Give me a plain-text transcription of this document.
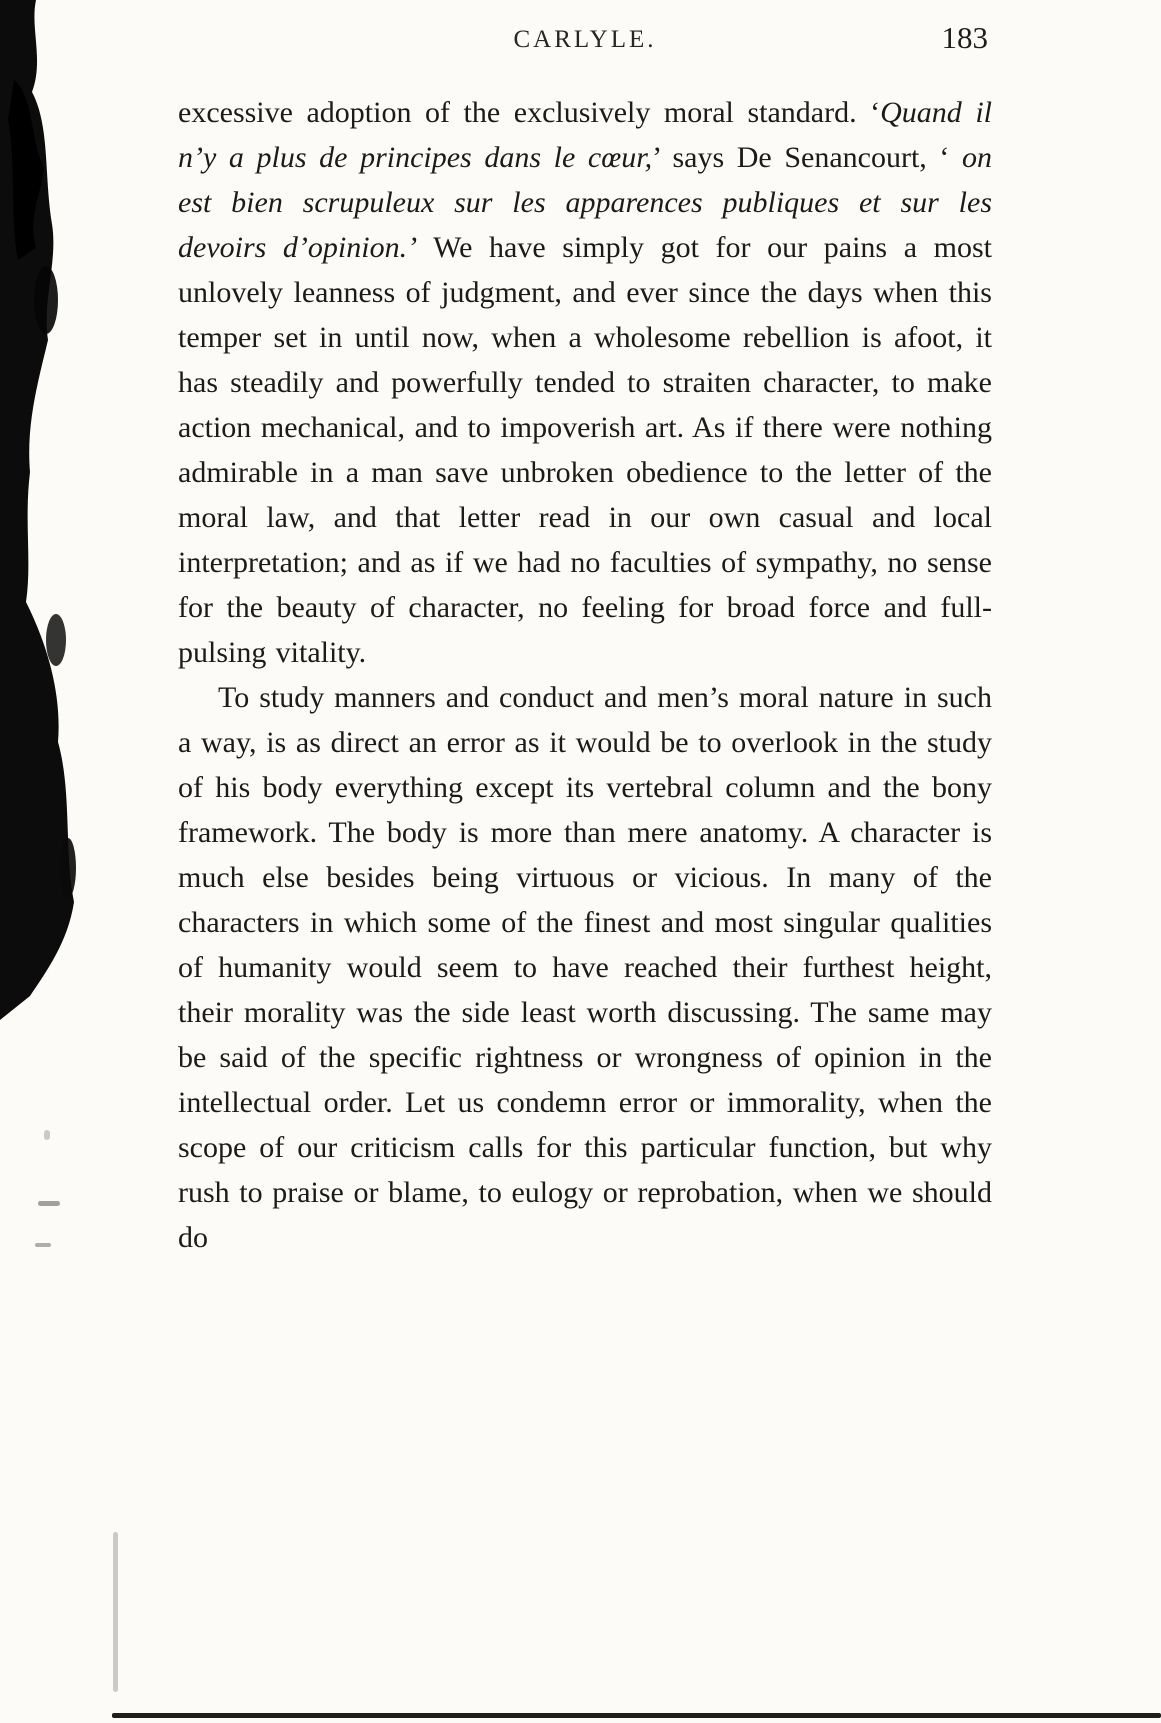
CARLYLE.	183

excessive adoption of the exclusively moral standard. ‘Quand il n’y a plus de principes dans le cœur,’ says De Senancourt, ‘ on est bien scrupuleux sur les apparences publiques et sur les devoirs d’opinion.’ We have simply got for our pains a most unlovely leanness of judgment, and ever since the days when this temper set in until now, when a wholesome rebellion is afoot, it has steadily and powerfully tended to straiten character, to make action mechanical, and to impoverish art. As if there were nothing admirable in a man save unbroken obedience to the letter of the moral law, and that letter read in our own casual and local interpretation; and as if we had no faculties of sympathy, no sense for the beauty of character, no feeling for broad force and full-pulsing vitality.

To study manners and conduct and men’s moral nature in such a way, is as direct an error as it would be to overlook in the study of his body everything except its vertebral column and the bony framework. The body is more than mere anatomy. A character is much else besides being virtuous or vicious. In many of the characters in which some of the finest and most singular qualities of humanity would seem to have reached their furthest height, their morality was the side least worth discussing. The same may be said of the specific rightness or wrongness of opinion in the intellectual order. Let us condemn error or immorality, when the scope of our criticism calls for this particular function, but why rush to praise or blame, to eulogy or reprobation, when we should do
